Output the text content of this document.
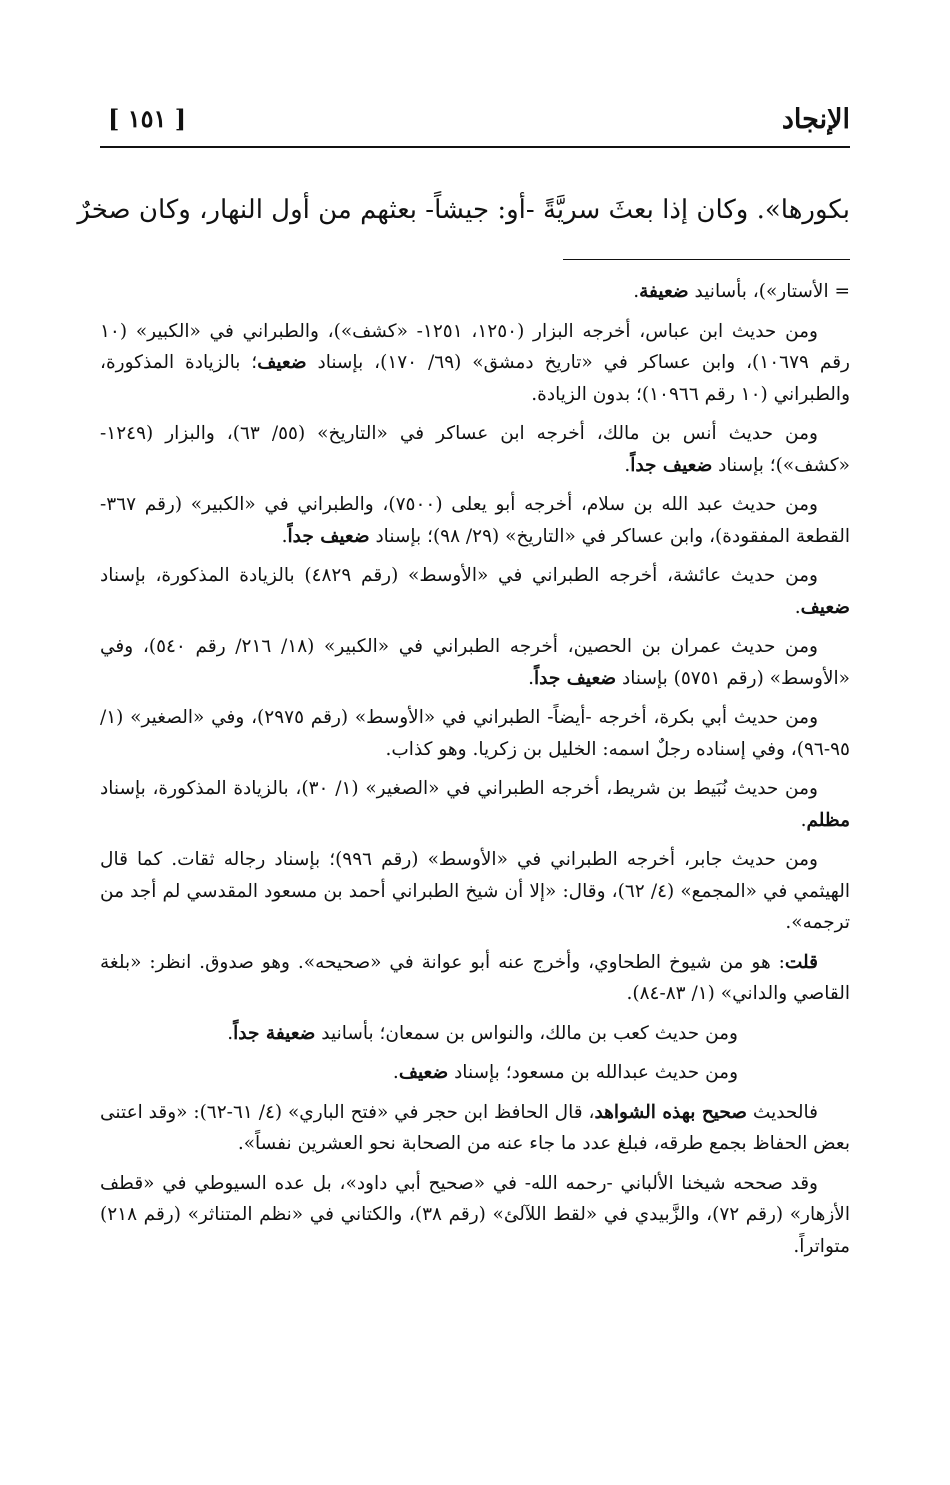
الإنجاد
[ ١٥١ ]
بكورها». وكان إذا بعثَ سريَّةً -أو: جيشاً- بعثهم من أول النهار، وكان صخرٌ

= الأستار»)، بأسانيد ضعيفة.

ومن حديث ابن عباس، أخرجه البزار (١٢٥٠، ١٢٥١- «كشف»)، والطبراني في «الكبير» (١٠ رقم ١٠٦٧٩)، وابن عساكر في «تاريخ دمشق» (٦٩/ ١٧٠)، بإسناد ضعيف؛ بالزيادة المذكورة، والطبراني (١٠ رقم ١٠٩٦٦)؛ بدون الزيادة.

ومن حديث أنس بن مالك، أخرجه ابن عساكر في «التاريخ» (٥٥/ ٦٣)، والبزار (١٢٤٩- «كشف»)؛ بإسناد ضعيف جداً.

ومن حديث عبد الله بن سلام، أخرجه أبو يعلى (٧٥٠٠)، والطبراني في «الكبير» (رقم ٣٦٧- القطعة المفقودة)، وابن عساكر في «التاريخ» (٢٩/ ٩٨)؛ بإسناد ضعيف جداً.

ومن حديث عائشة، أخرجه الطبراني في «الأوسط» (رقم ٤٨٢٩) بالزيادة المذكورة، بإسناد ضعيف.

ومن حديث عمران بن الحصين، أخرجه الطبراني في «الكبير» (١٨/ ٢١٦/ رقم ٥٤٠)، وفي «الأوسط» (رقم ٥٧٥١) بإسناد ضعيف جداً.

ومن حديث أبي بكرة، أخرجه -أيضاً- الطبراني في «الأوسط» (رقم ٢٩٧٥)، وفي «الصغير» (١/ ٩٥-٩٦)، وفي إسناده رجلٌ اسمه: الخليل بن زكريا. وهو كذاب.

ومن حديث نُبَيط بن شريط، أخرجه الطبراني في «الصغير» (١/ ٣٠)، بالزيادة المذكورة، بإسناد مظلم.

ومن حديث جابر، أخرجه الطبراني في «الأوسط» (رقم ٩٩٦)؛ بإسناد رجاله ثقات. كما قال الهيثمي في «المجمع» (٤/ ٦٢)، وقال: «إلا أن شيخ الطبراني أحمد بن مسعود المقدسي لم أجد من ترجمه».

قلت: هو من شيوخ الطحاوي، وأخرج عنه أبو عوانة في «صحيحه». وهو صدوق. انظر: «بلغة القاصي والداني» (١/ ٨٣-٨٤).

ومن حديث كعب بن مالك، والنواس بن سمعان؛ بأسانيد ضعيفة جداً.

ومن حديث عبدالله بن مسعود؛ بإسناد ضعيف.

فالحديث صحيح بهذه الشواهد، قال الحافظ ابن حجر في «فتح الباري» (٤/ ٦١-٦٢): «وقد اعتنى بعض الحفاظ بجمع طرقه، فبلغ عدد ما جاء عنه من الصحابة نحو العشرين نفساً».

وقد صححه شيخنا الألباني -رحمه الله- في «صحيح أبي داود»، بل عده السيوطي في «قطف الأزهار» (رقم ٧٢)، والزَّبيدي في «لقط اللآلئ» (رقم ٣٨)، والكتاني في «نظم المتناثر» (رقم ٢١٨) متواتراً.
